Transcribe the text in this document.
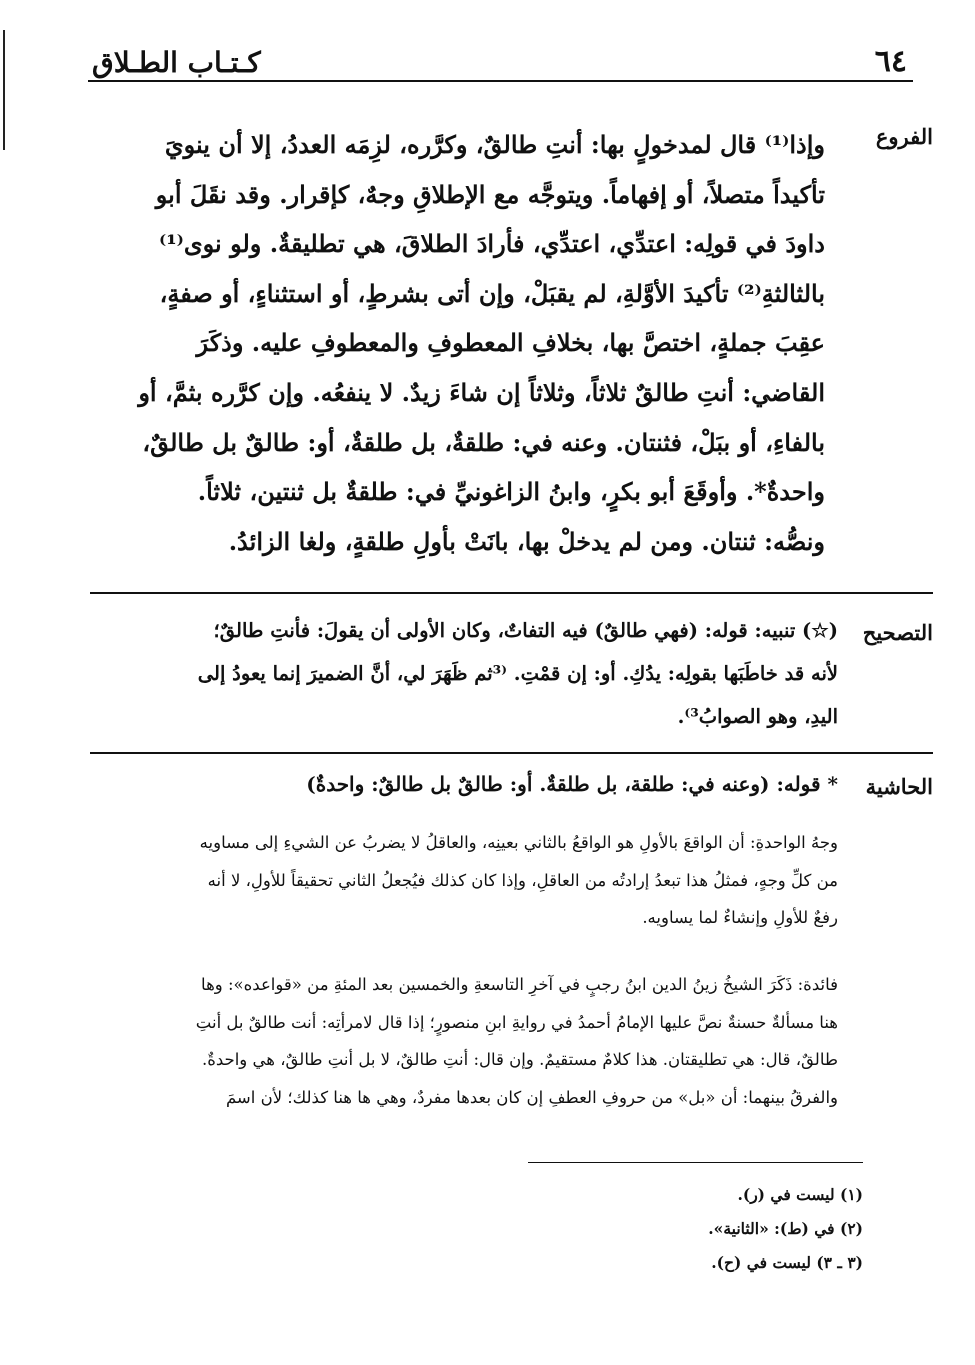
كـتـاب الطـلاق	٦٤
الفروع
وإذا⁽¹⁾ قال لمدخولٍ بها: أنتِ طالقٌ، وكرَّره، لزِمَه العددُ، إلا أن ينويَ
تأكيداً متصلاً، أو إفهاماً. ويتوجَّه مع الإطلاقِ وجهٌ، كإقرار. وقد نقَلَ أبو
داودَ في قولِه: اعتدِّي، اعتدِّي، فأرادَ الطلاقَ، هي تطليقةٌ. ولو نوى⁽¹⁾
بالثالثةِ⁽²⁾ تأكيدَ الأوَّلةِ، لم يقبَلْ، وإن أتى بشرطٍ، أو استثناءٍ، أو صفةٍ،
عقِبَ جملةٍ، اختصَّ بها، بخلافِ المعطوفِ والمعطوفِ عليه. وذكَرَ
القاضي: أنتِ طالقٌ ثلاثاً، وثلاثاً إن شاءَ زيدٌ. لا ينفعُه. وإن كرَّره بثمَّ، أو
بالفاءِ، أو ببَلْ، فثنتان. وعنه في: طلقةٌ، بل طلقةٌ، أو: طالقٌ بل طالقٌ،
واحدةٌ*. وأوقَعَ أبو بكرٍ، وابنُ الزاغونيِّ في: طلقةٌ بل ثنتين، ثلاثاً.
ونصُّه: ثنتان. ومن لم يدخلْ بها، بانَتْ بأولِ طلقةٍ، ولغا الزائدُ.
التصحيح
(☆) تنبيه: قوله: (فهي طالقٌ) فيه التفاتٌ، وكان الأولى أن يقولَ: فأنتِ طالقٌ؛
لأنه قد خاطَبَها بقولِه: يدُكِ. أو: إن قمْتِ. ⁽³ثم ظَهَرَ لي، أنَّ الضميرَ إنما يعودُ إلى
اليدِ، وهو الصوابُ³⁾.
الحاشية
* قوله: (وعنه في: طلقة، بل طلقةٌ. أو: طالقٌ بل طالقٌ: واحدةٌ)
وجهُ الواحدةِ: أن الواقعَ بالأولِ هو الواقعُ بالثاني بعينِه، والعاقلُ لا يضربُ عن الشيءِ إلى مساويه
من كلِّ وجهٍ، فمثلُ هذا تبعدُ إرادتُه من العاقلِ، وإذا كان كذلك فيُجعلُ الثاني تحقيقاً للأولِ، لا أنه
رفعٌ للأولِ وإنشاءٌ لما يساويه.
فائدة: ذَكَرَ الشيخُ زينُ الدين ابنُ رجبٍ في آخرِ التاسعةِ والخمسين بعد المئةِ من «قواعده»: وها
هنا مسألةٌ حسنةٌ نصَّ عليها الإمامُ أحمدُ في روايةِ ابنِ منصورٍ؛ إذا قال لامرأتِه: أنت طالقٌ بل أنتِ
طالقٌ، قال: هي تطليقتان. هذا كلامٌ مستقيمٌ. وإن قال: أنتِ طالقٌ، لا بل أنتِ طالقٌ، هي واحدةٌ.
والفرقُ بينهما: أن «بل» من حروفِ العطفِ إن كان بعدها مفردٌ، وهي ها هنا كذلك؛ لأن اسمَ
(١) ليست في (ر).
(٢) في (ط): «الثانية».
(٣ ـ ٣) ليست في (ح).
